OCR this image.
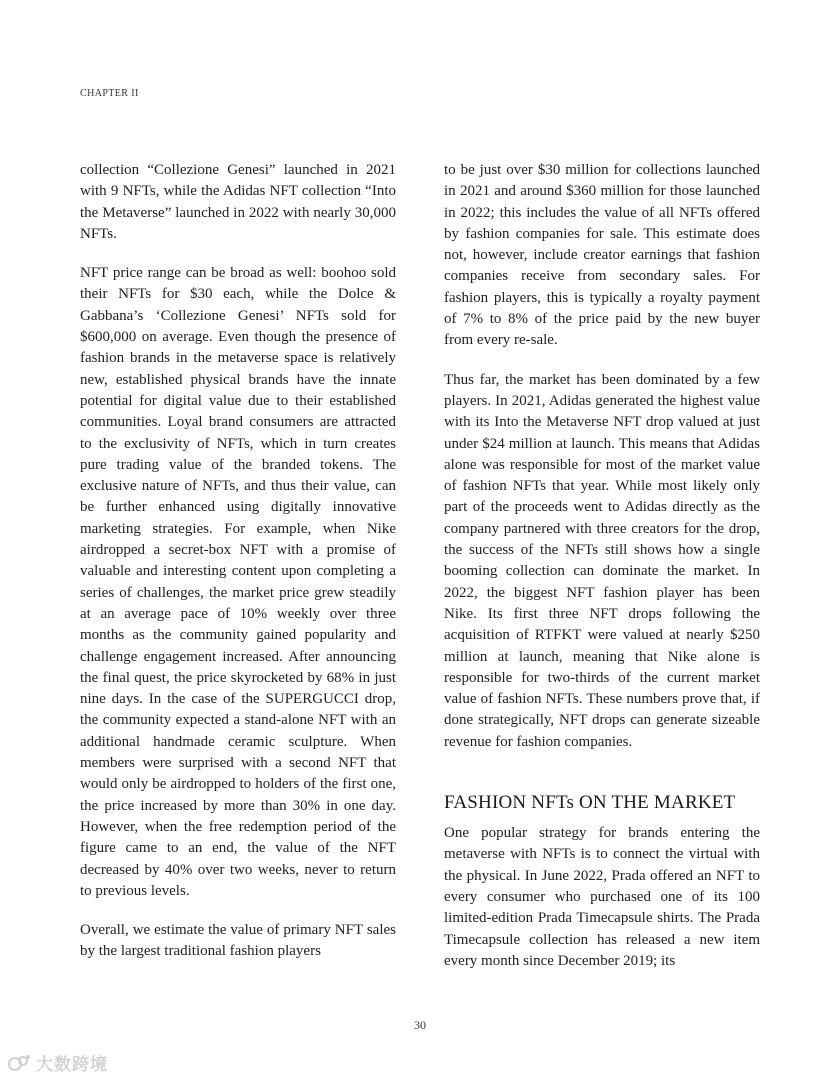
CHAPTER II

collection “Collezione Genesi” launched in 2021 with 9 NFTs, while the Adidas NFT collection “Into the Metaverse” launched in 2022 with nearly 30,000 NFTs.

NFT price range can be broad as well: boohoo sold their NFTs for $30 each, while the Dolce & Gabbana’s ‘Collezione Genesi’ NFTs sold for $600,000 on average. Even though the presence of fashion brands in the metaverse space is relatively new, established physical brands have the innate potential for digital value due to their established communities. Loyal brand consumers are attracted to the exclusivity of NFTs, which in turn creates pure trading value of the branded tokens. The exclusive nature of NFTs, and thus their value, can be further enhanced using digitally innovative marketing strategies. For example, when Nike airdropped a secret-box NFT with a promise of valuable and interesting content upon completing a series of challenges, the market price grew steadily at an average pace of 10% weekly over three months as the community gained popularity and challenge engagement increased. After announcing the final quest, the price skyrocketed by 68% in just nine days. In the case of the SUPERGUCCI drop, the community expected a stand-alone NFT with an additional handmade ceramic sculpture. When members were surprised with a second NFT that would only be airdropped to holders of the first one, the price increased by more than 30% in one day. However, when the free redemption period of the figure came to an end, the value of the NFT decreased by 40% over two weeks, never to return to previous levels.

Overall, we estimate the value of primary NFT sales by the largest traditional fashion players

to be just over $30 million for collections launched in 2021 and around $360 million for those launched in 2022; this includes the value of all NFTs offered by fashion companies for sale. This estimate does not, however, include creator earnings that fashion companies receive from secondary sales. For fashion players, this is typically a royalty payment of 7% to 8% of the price paid by the new buyer from every re-sale.

Thus far, the market has been dominated by a few players. In 2021, Adidas generated the highest value with its Into the Metaverse NFT drop valued at just under $24 million at launch. This means that Adidas alone was responsible for most of the market value of fashion NFTs that year. While most likely only part of the proceeds went to Adidas directly as the company partnered with three creators for the drop, the success of the NFTs still shows how a single booming collection can dominate the market. In 2022, the biggest NFT fashion player has been Nike. Its first three NFT drops following the acquisition of RTFKT were valued at nearly $250 million at launch, meaning that Nike alone is responsible for two-thirds of the current market value of fashion NFTs. These numbers prove that, if done strategically, NFT drops can generate sizeable revenue for fashion companies.

FASHION NFTs ON THE MARKET

One popular strategy for brands entering the metaverse with NFTs is to connect the virtual with the physical. In June 2022, Prada offered an NFT to every consumer who purchased one of its 100 limited-edition Prada Timecapsule shirts. The Prada Timecapsule collection has released a new item every month since December 2019; its

30
大数跨境
